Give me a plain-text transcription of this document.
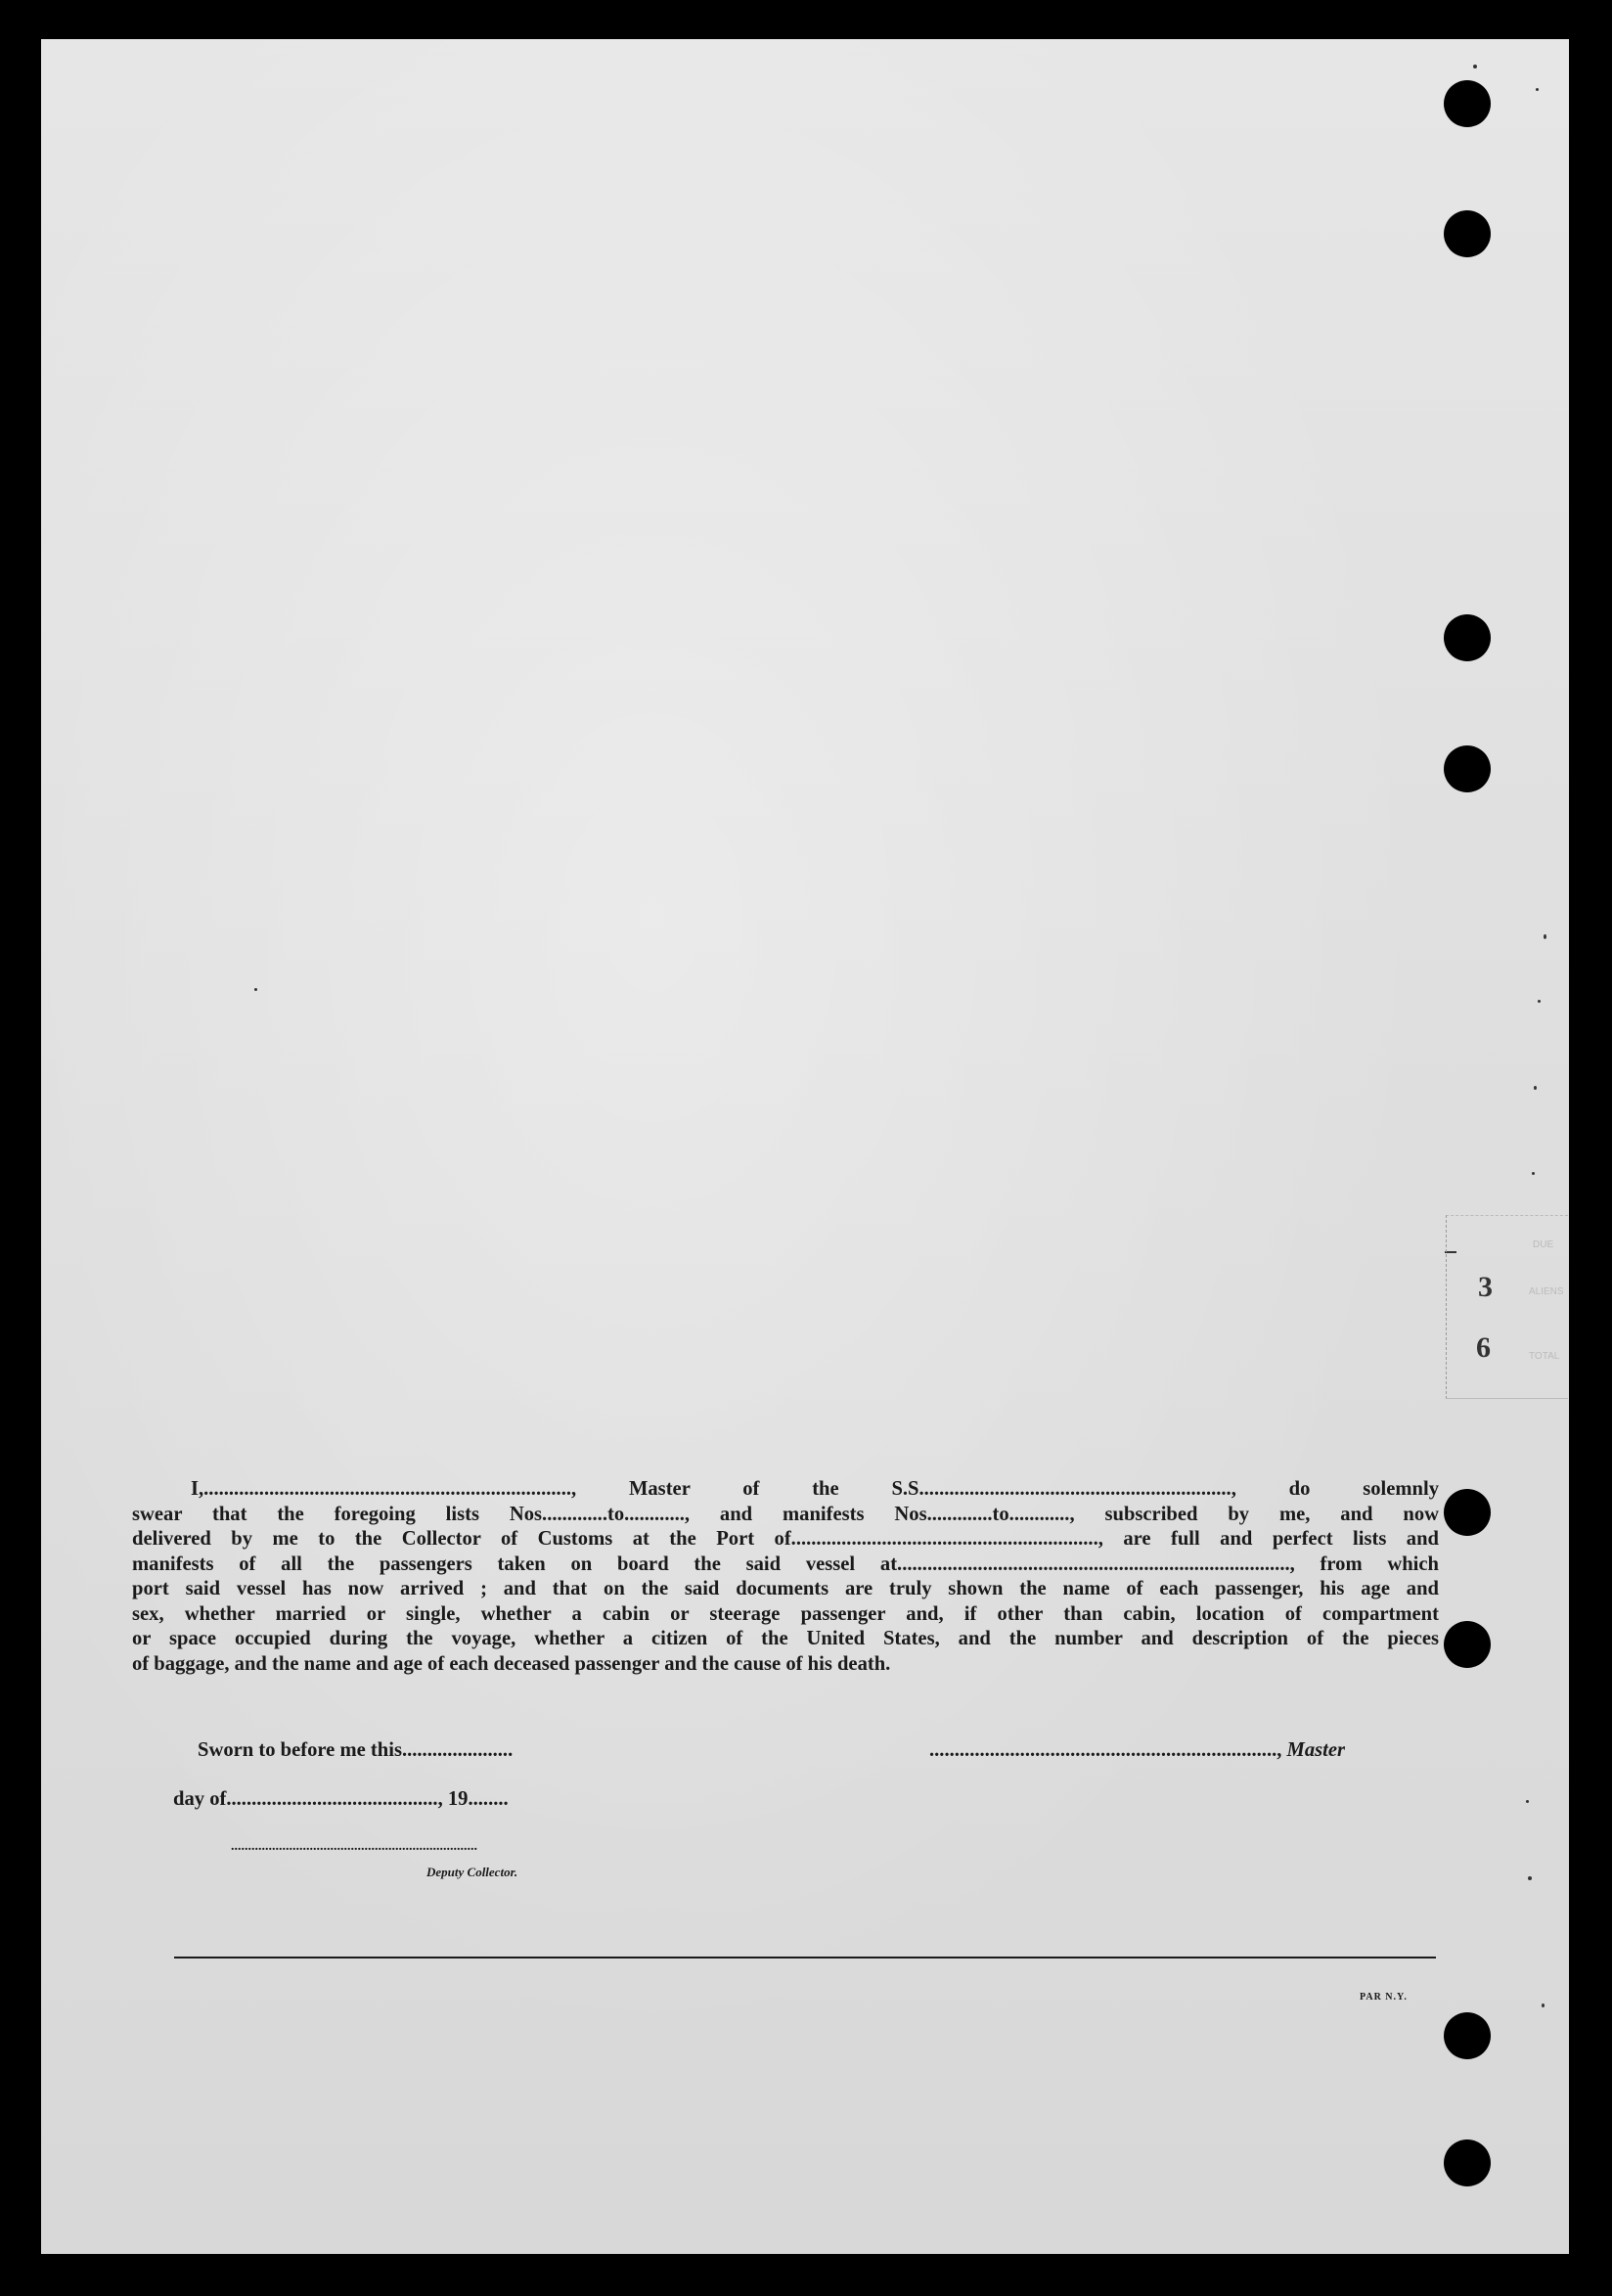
DUE
ALIENS
TOTAL
3
6
I,........................................................................., Master of the S.S.............................................................., do solemnly
swear that the foregoing lists Nos.............to............, and manifests Nos.............to............, subscribed by me, and now
delivered by me to the Collector of Customs at the Port of............................................................., are full and perfect lists and
manifests of all the passengers taken on board the said vessel at.............................................................................., from which
port said vessel has now arrived ; and that on the said documents are truly shown the name of each passenger, his age and
sex, whether married or single, whether a cabin or steerage passenger and, if other than cabin, location of compartment
or space occupied during the voyage, whether a citizen of the United States, and the number and description of the pieces
of baggage, and the name and age of each deceased passenger and the cause of his death.
Sworn to before me this......................	....................................................................., Master
day of.........................................., 19........
........................................................................
Deputy Collector.
PAR N.Y.
